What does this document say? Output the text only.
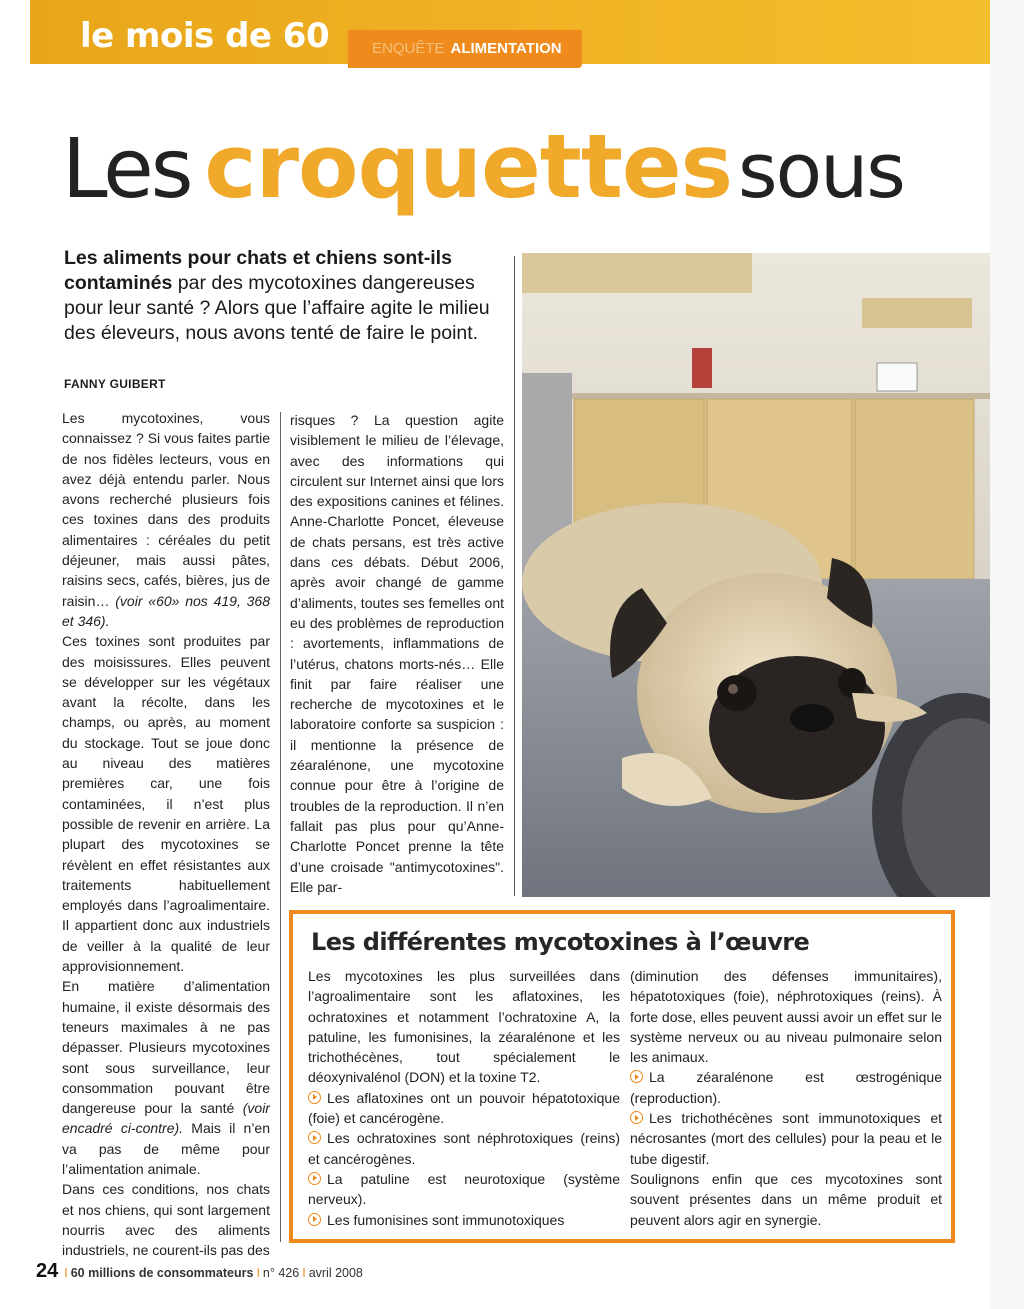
le mois de 60	ENQUÊTE ALIMENTATION
Les croquettessous
Les aliments pour chats et chiens sont-ils contaminés par des mycotoxines dangereuses pour leur santé ? Alors que l’affaire agite le milieu des éleveurs, nous avons tenté de faire le point.
FANNY GUIBERT

Les mycotoxines, vous connaissez ? Si vous faites partie de nos fidèles lecteurs, vous en avez déjà entendu parler. Nous avons recherché plusieurs fois ces toxines dans des produits alimentaires : céréales du petit déjeuner, mais aussi pâtes, raisins secs, cafés, bières, jus de raisin… (voir «60» nos 419, 368 et 346).

Ces toxines sont produites par des moisissures. Elles peuvent se développer sur les végétaux avant la récolte, dans les champs, ou après, au moment du stockage. Tout se joue donc au niveau des matières premières car, une fois contaminées, il n’est plus possible de revenir en arrière. La plupart des mycotoxines se révèlent en effet résistantes aux traitements habituellement employés dans l’agroalimentaire. Il appartient donc aux industriels de veiller à la qualité de leur approvisionnement.

En matière d’alimentation humaine, il existe désormais des teneurs maximales à ne pas dépasser. Plusieurs mycotoxines sont sous surveillance, leur consommation pouvant être dangereuse pour la santé (voir encadré ci-contre). Mais il n’en va pas de même pour l’alimentation animale.

Dans ces conditions, nos chats et nos chiens, qui sont largement nourris avec des aliments industriels, ne courent-ils pas des

risques ? La question agite visiblement le milieu de l’élevage, avec des informations qui circulent sur Internet ainsi que lors des expositions canines et félines. Anne-Charlotte Poncet, éleveuse de chats persans, est très active dans ces débats. Début 2006, après avoir changé de gamme d’aliments, toutes ses femelles ont eu des problèmes de reproduction : avortements, inflammations de l’utérus, chatons morts-nés… Elle finit par faire réaliser une recherche de mycotoxines et le laboratoire conforte sa suspicion : il mentionne la présence de zéaralénone, une mycotoxine connue pour être à l’origine de troubles de la reproduction. Il n’en fallait pas plus pour qu’Anne-Charlotte Poncet prenne la tête d’une croisade "antimycotoxines". Elle par-

Les différentes mycotoxines à l’œuvre

Les mycotoxines les plus surveillées dans l’agroalimentaire sont les aflatoxines, les ochratoxines et notamment l’ochratoxine A, la patuline, les fumonisines, la zéaralénone et les trichothécènes, tout spécialement le déoxynivalénol (DON) et la toxine T2.

Les aflatoxines ont un pouvoir hépatotoxique (foie) et cancérogène.

Les ochratoxines sont néphrotoxiques (reins) et cancérogènes.

La patuline est neurotoxique (système nerveux).

Les fumonisines sont immunotoxiques

(diminution des défenses immunitaires), hépatotoxiques (foie), néphrotoxiques (reins). À forte dose, elles peuvent aussi avoir un effet sur le système nerveux ou au niveau pulmonaire selon les animaux.

La zéaralénone est œstrogénique (reproduction).

Les trichothécènes sont immunotoxiques et nécrosantes (mort des cellules) pour la peau et le tube digestif.

Soulignons enfin que ces mycotoxines sont souvent présentes dans un même produit et peuvent alors agir en synergie.

24 I 60 millions de consommateurs I n° 426 I avril 2008
